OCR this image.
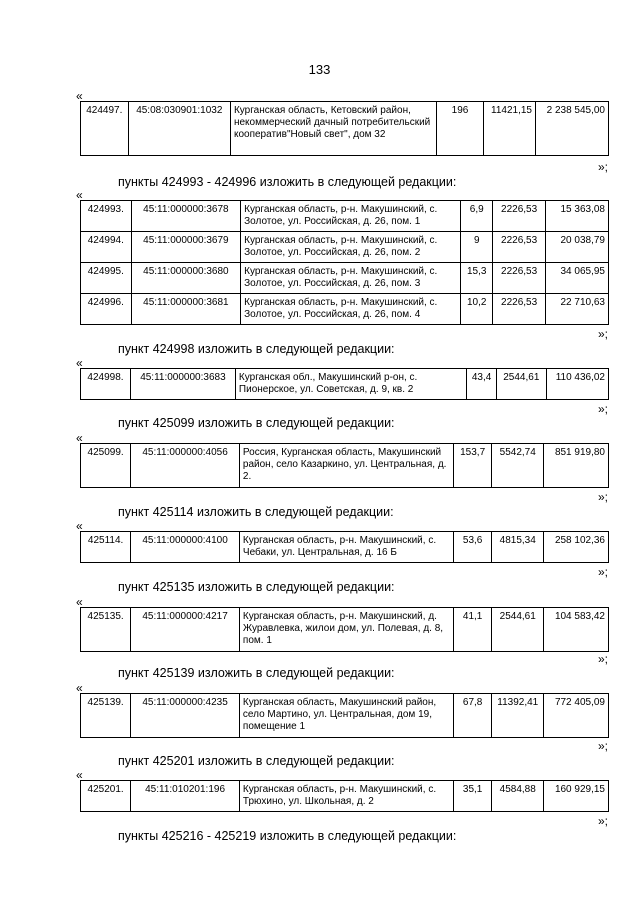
133
«
424497.	45:08:030901:1032	Курганская область, Кетовский район, некоммерческий дачный потребительский кооператив"Новый свет", дом 32	196	11421,15	2 238 545,00
»;
пункты 424993 - 424996 изложить в следующей редакции:
«
424993.	45:11:000000:3678	Курганская область, р-н. Макушинский, с. Золотое, ул. Российская, д. 26, пом. 1	6,9	2226,53	15 363,08
424994.	45:11:000000:3679	Курганская область, р-н. Макушинский, с. Золотое, ул. Российская, д. 26, пом. 2	9	2226,53	20 038,79
424995.	45:11:000000:3680	Курганская область, р-н. Макушинский, с. Золотое, ул. Российская, д. 26, пом. 3	15,3	2226,53	34 065,95
424996.	45:11:000000:3681	Курганская область, р-н. Макушинский, с. Золотое, ул. Российская, д. 26, пом. 4	10,2	2226,53	22 710,63
»;
пункт 424998 изложить в следующей редакции:
«
424998.	45:11:000000:3683	Курганская обл., Макушинский р-он, с. Пионерское, ул. Советская, д. 9, кв. 2	43,4	2544,61	110 436,02
»;
пункт 425099 изложить в следующей редакции:
«
425099.	45:11:000000:4056	Россия, Курганская область, Макушинский район, село Казаркино, ул. Центральная, д. 2.	153,7	5542,74	851 919,80
»;
пункт 425114 изложить в следующей редакции:
«
425114.	45:11:000000:4100	Курганская область, р-н. Макушинский, с. Чебаки, ул. Центральная, д. 16 Б	53,6	4815,34	258 102,36
»;
пункт 425135 изложить в следующей редакции:
«
425135.	45:11:000000:4217	Курганская область, р-н. Макушинский, д. Журавлевка, жилои дом, ул. Полевая, д. 8, пом. 1	41,1	2544,61	104 583,42
»;
пункт 425139 изложить в следующей редакции:
«
425139.	45:11:000000:4235	Курганская область, Макушинский район, село Мартино, ул. Центральная, дом 19, помещение 1	67,8	11392,41	772 405,09
»;
пункт 425201 изложить в следующей редакции:
«
425201.	45:11:010201:196	Курганская область, р-н. Макушинский, с. Трюхино, ул. Школьная, д. 2	35,1	4584,88	160 929,15
»;
пункты 425216 - 425219 изложить в следующей редакции:
